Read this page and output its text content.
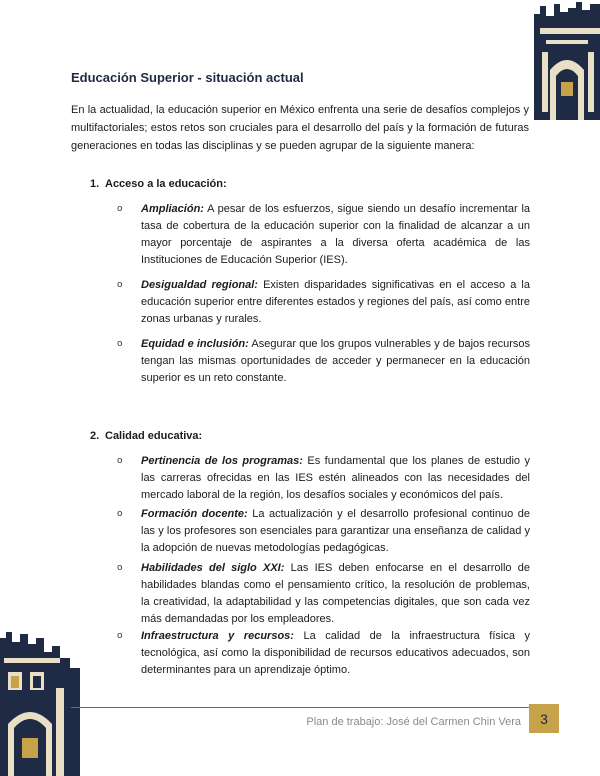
Educación Superior - situación actual

En la actualidad, la educación superior en México enfrenta una serie de desafíos complejos y multifactoriales; estos retos son cruciales para el desarrollo del país y la formación de futuras generaciones en todas las disciplinas y se pueden agrupar de la siguiente manera:

1. Acceso a la educación:

o Ampliación: A pesar de los esfuerzos, sigue siendo un desafío incrementar la tasa de cobertura de la educación superior con la finalidad de alcanzar a un mayor porcentaje de aspirantes a la diversa oferta académica de las Instituciones de Educación Superior (IES).
o Desigualdad regional: Existen disparidades significativas en el acceso a la educación superior entre diferentes estados y regiones del país, así como entre zonas urbanas y rurales.
o Equidad e inclusión: Asegurar que los grupos vulnerables y de bajos recursos tengan las mismas oportunidades de acceder y permanecer en la educación superior es un reto constante.

2. Calidad educativa:

o Pertinencia de los programas: Es fundamental que los planes de estudio y las carreras ofrecidas en las IES estén alineados con las necesidades del mercado laboral de la región, los desafíos sociales y económicos del país.
o Formación docente: La actualización y el desarrollo profesional continuo de las y los profesores son esenciales para garantizar una enseñanza de calidad y la adopción de nuevas metodologías pedagógicas.
o Habilidades del siglo XXI: Las IES deben enfocarse en el desarrollo de habilidades blandas como el pensamiento crítico, la resolución de problemas, la creatividad, la adaptabilidad y las competencias digitales, que son cada vez más demandadas por los empleadores.
o Infraestructura y recursos: La calidad de la infraestructura física y tecnológica, así como la disponibilidad de recursos educativos adecuados, son determinantes para un aprendizaje óptimo.

Plan de trabajo: José del Carmen Chin Vera 3
